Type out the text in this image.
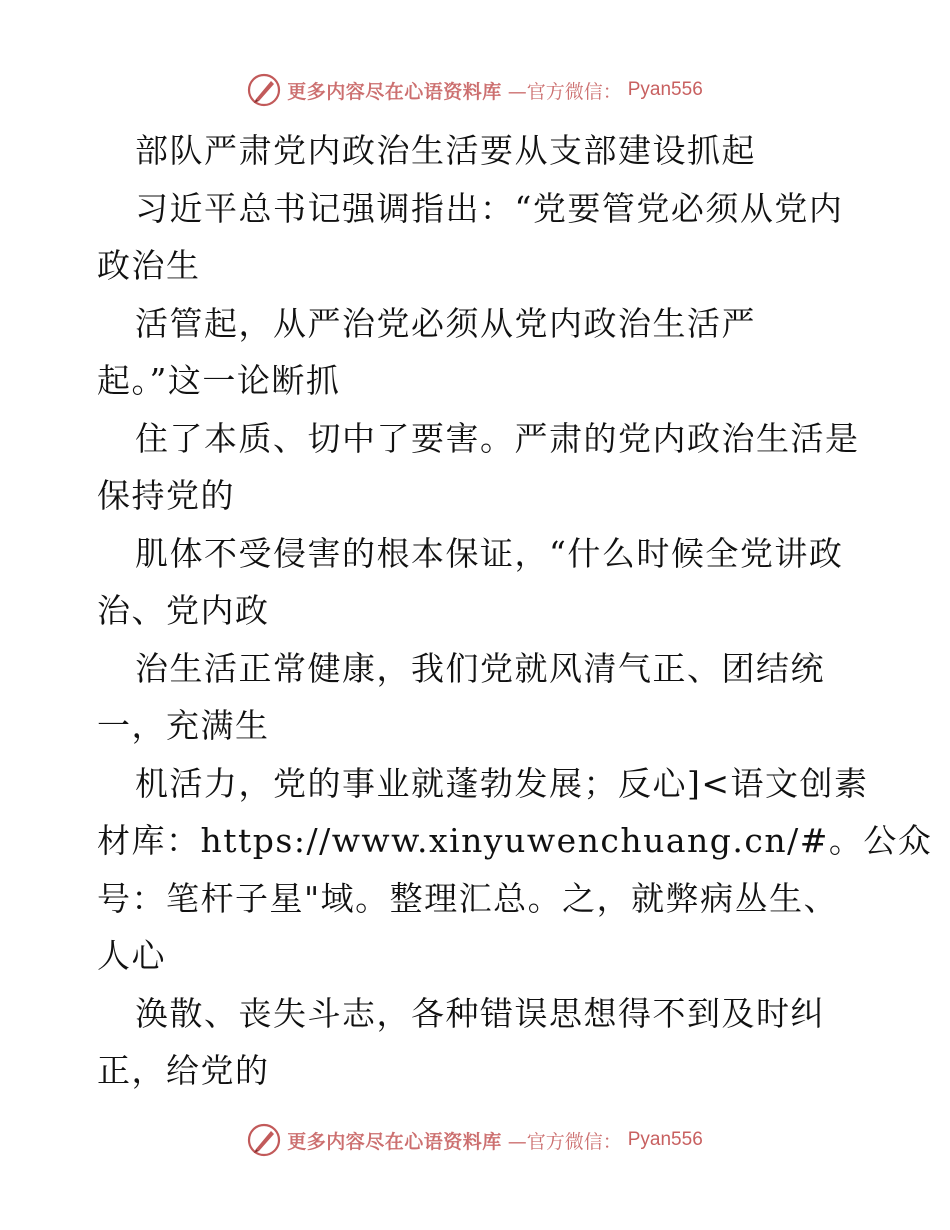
更多内容尽在心语资料库 —官方微信： Pyan556
部队严肃党内政治生活要从支部建设抓起
习近平总书记强调指出：“党要管党必须从党内
政治生
活管起，从严治党必须从党内政治生活严
起。”这一论断抓
住了本质、切中了要害。严肃的党内政治生活是
保持党的
肌体不受侵害的根本保证，“什么时候全党讲政
治、党内政
治生活正常健康，我们党就风清气正、团结统
一，充满生
机活力，党的事业就蓬勃发展；反心]<语文创素
材库：https://www.xinyuwenchuang.cn/#。公众
号：笔杆子星"域。整理汇总。之，就弊病丛生、
人心
涣散、丧失斗志，各种错误思想得不到及时纠
正，给党的
更多内容尽在心语资料库 —官方微信： Pyan556
